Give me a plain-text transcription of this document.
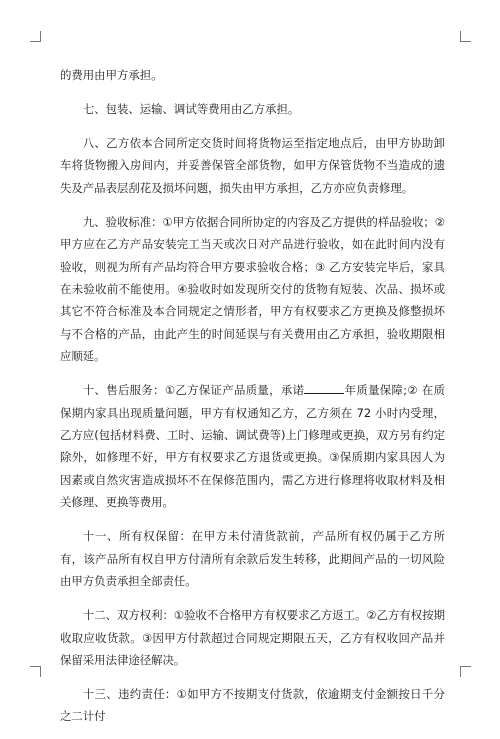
的费用由甲方承担。

七、包装、运输、调试等费用由乙方承担。

八、乙方依本合同所定交货时间将货物运至指定地点后，由甲方协助卸车将货物搬入房间内，并妥善保管全部货物，如甲方保管货物不当造成的遗失及产品表层刮花及损坏问题，损失由甲方承担，乙方亦应负责修理。

九、验收标准：①甲方依据合同所协定的内容及乙方提供的样品验收；② 甲方应在乙方产品安装完工当天或次日对产品进行验收，如在此时间内没有验收，则视为所有产品均符合甲方要求验收合格；③ 乙方安装完毕后，家具在未验收前不能使用。④验收时如发现所交付的货物有短装、次品、损坏或其它不符合标准及本合同规定之情形者，甲方有权要求乙方更换及修整损坏与不合格的产品，由此产生的时间延误与有关费用由乙方承担，验收期限相应顺延。

十、售后服务：①乙方保证产品质量，承诺	年质量保障;② 在质保期内家具出现质量问题，甲方有权通知乙方，乙方须在 72 小时内受理，乙方应(包括材料费、工时、运输、调试费等)上门修理或更换，双方另有约定除外，如修理不好，甲方有权要求乙方退货或更换。③保质期内家具因人为因素或自然灾害造成损坏不在保修范围内，需乙方进行修理将收取材料及相关修理、更换等费用。

十一、所有权保留：在甲方未付清货款前，产品所有权仍属于乙方所有，该产品所有权自甲方付清所有余款后发生转移，此期间产品的一切风险由甲方负责承担全部责任。

十二、双方权利：①验收不合格甲方有权要求乙方返工。②乙方有权按期收取应收货款。③因甲方付款超过合同规定期限五天，乙方有权收回产品并保留采用法律途径解决。

十三、违约责任：①如甲方不按期支付货款，依逾期支付金额按日千分之二计付
